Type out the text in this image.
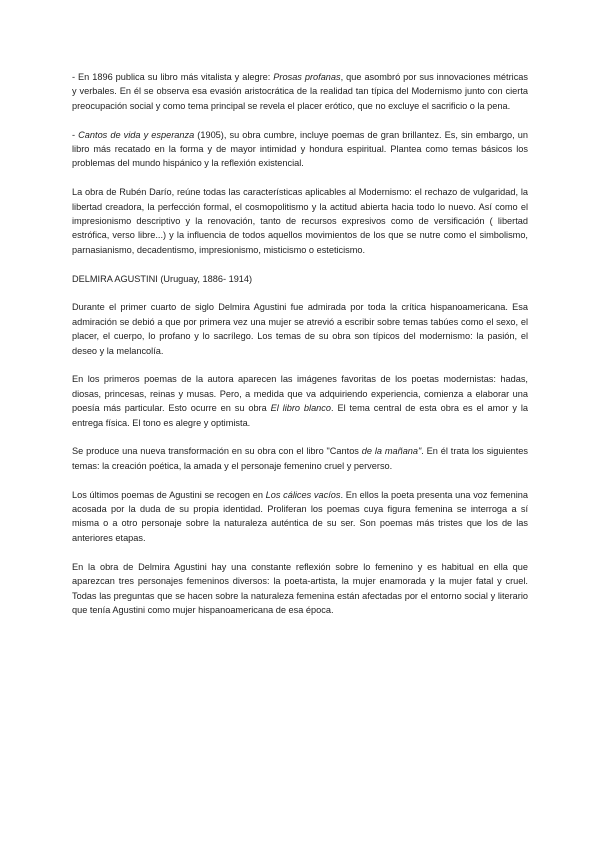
- En 1896 publica su libro más vitalista y alegre: Prosas profanas, que asombró por sus innovaciones métricas y verbales. En él se observa esa evasión aristocrática de la realidad tan típica del Modernismo junto con cierta preocupación social y como tema principal se revela el placer erótico, que no excluye el sacrificio o la pena.

- Cantos de vida y esperanza (1905), su obra cumbre, incluye poemas de gran brillantez. Es, sin embargo, un libro más recatado en la forma y de mayor intimidad y hondura espiritual. Plantea como temas básicos los problemas del mundo hispánico y la reflexión existencial.

La obra de Rubén Darío, reúne todas las características aplicables al Modernismo: el rechazo de vulgaridad, la libertad creadora, la perfección formal, el cosmopolitismo y la actitud abierta hacia todo lo nuevo. Así como el impresionismo descriptivo y la renovación, tanto de recursos expresivos como de versificación ( libertad estrófica, verso libre...) y la influencia de todos aquellos movimientos de los que se nutre como el simbolismo, parnasianismo, decadentismo, impresionismo, misticismo o esteticismo.

DELMIRA AGUSTINI (Uruguay, 1886- 1914)

Durante el primer cuarto de siglo Delmira Agustini fue admirada por toda la crítica hispanoamericana. Esa admiración se debió a que por primera vez una mujer se atrevió a escribir sobre temas tabúes como el sexo, el placer, el cuerpo, lo profano y lo sacrílego. Los temas de su obra son típicos del modernismo: la pasión, el deseo y la melancolía.

En los primeros poemas de la autora aparecen las imágenes favoritas de los poetas modernistas: hadas, diosas, princesas, reinas y musas. Pero, a medida que va adquiriendo experiencia, comienza a elaborar una poesía más particular. Esto ocurre en su obra El libro blanco. El tema central de esta obra es el amor y la entrega física. El tono es alegre y optimista.

Se produce una nueva transformación en su obra con el libro "Cantos de la mañana". En él trata los siguientes temas: la creación poética, la amada y el personaje femenino cruel y perverso.

Los últimos poemas de Agustini se recogen en Los cálices vacíos. En ellos la poeta presenta una voz femenina acosada por la duda de su propia identidad. Proliferan los poemas cuya figura femenina se interroga a sí misma o a otro personaje sobre la naturaleza auténtica de su ser. Son poemas más tristes que los de las anteriores etapas.

En la obra de Delmira Agustini hay una constante reflexión sobre lo femenino y es habitual en ella que aparezcan tres personajes femeninos diversos: la poeta-artista, la mujer enamorada y la mujer fatal y cruel. Todas las preguntas que se hacen sobre la naturaleza femenina están afectadas por el entorno social y literario que tenía Agustini como mujer hispanoamericana de esa época.
